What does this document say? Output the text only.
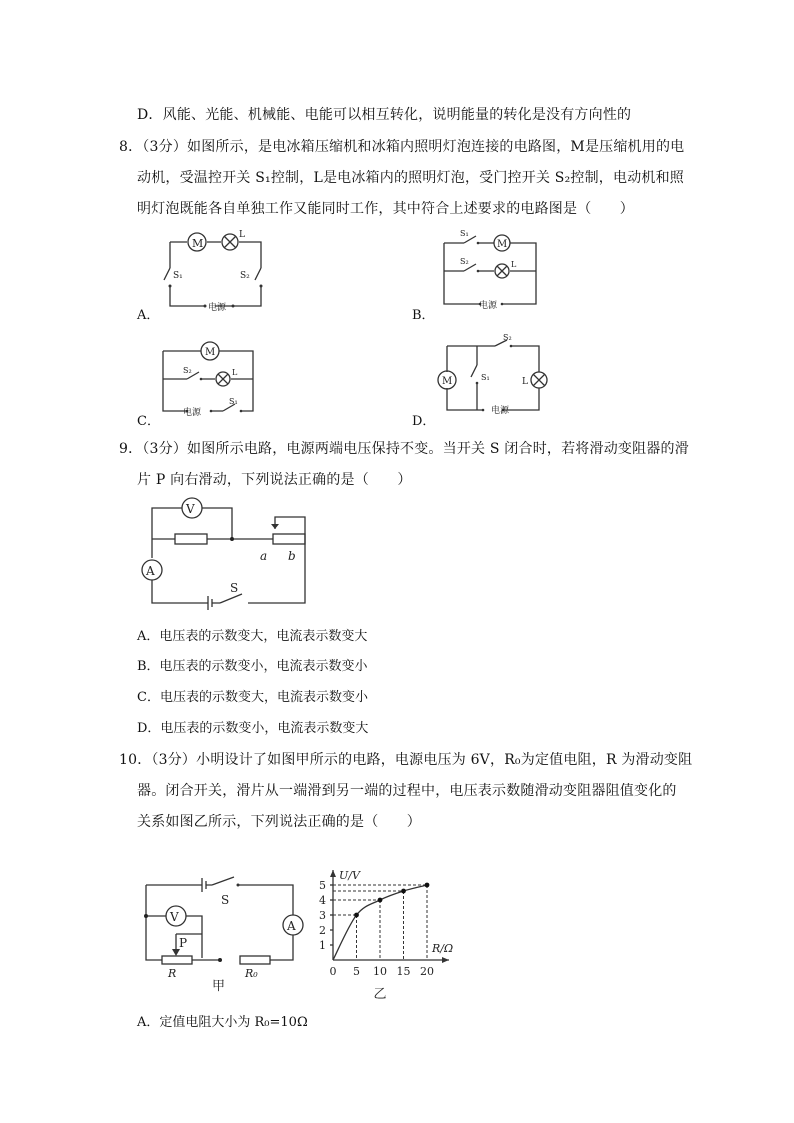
D．风能、光能、机械能、电能可以相互转化，说明能量的转化是没有方向性的
8．（3分）如图所示，是电冰箱压缩机和冰箱内照明灯泡连接的电路图，M是压缩机用的电
动机，受温控开关 S₁控制，L是电冰箱内的照明灯泡，受门控开关 S₂控制，电动机和照
明灯泡既能各自单独工作又能同时工作，其中符合上述要求的电路图是（　　）
A．	B．
C．	D．
M
L
S₁	S₂
电源
S₁
M
S₂	L
电源
M
S₂	L
电源
S₁
M	L
S₂
S₁
电源
9．（3分）如图所示电路，电源两端电压保持不变。当开关 S 闭合时，若将滑动变阻器的滑
片 P 向右滑动，下列说法正确的是（　　）
V
a b
A
S
A．电压表的示数变大，电流表示数变大
B．电压表的示数变小，电流表示数变小
C．电压表的示数变大，电流表示数变小
D．电压表的示数变小，电流表示数变大
10．（3分）小明设计了如图甲所示的电路，电源电压为 6V，R₀为定值电阻，R 为滑动变阻
器。闭合开关，滑片从一端滑到另一端的过程中，电压表示数随滑动变阻器阻值变化的
关系如图乙所示，下列说法正确的是（　　）
S
A
V
P
R	R₀
甲
R/Ω
U/V
0 5 10 15 20
1
2
3
4
5
乙
A．定值电阻大小为 R₀=10Ω
